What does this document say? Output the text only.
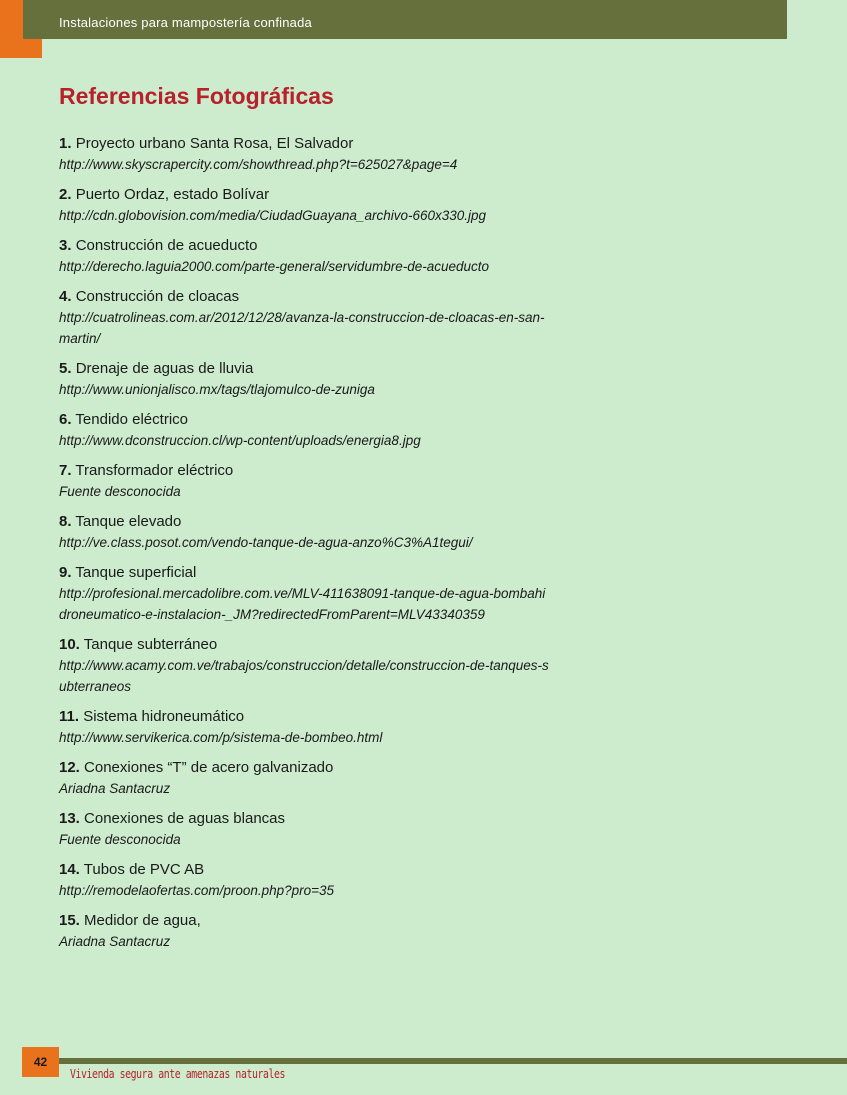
Instalaciones para mampostería confinada
Referencias Fotográficas
1. Proyecto urbano Santa Rosa, El Salvador
http://www.skyscrapercity.com/showthread.php?t=625027&page=4
2. Puerto Ordaz, estado Bolívar
http://cdn.globovision.com/media/CiudadGuayana_archivo-660x330.jpg
3. Construcción de acueducto
http://derecho.laguia2000.com/parte-general/servidumbre-de-acueducto
4. Construcción de cloacas
http://cuatrolineas.com.ar/2012/12/28/avanza-la-construccion-de-cloacas-en-san-martin/
5. Drenaje de aguas de lluvia
http://www.unionjalisco.mx/tags/tlajomulco-de-zuniga
6. Tendido eléctrico
http://www.dconstruccion.cl/wp-content/uploads/energia8.jpg
7. Transformador eléctrico
Fuente desconocida
8. Tanque elevado
http://ve.class.posot.com/vendo-tanque-de-agua-anzo%C3%A1tegui/
9. Tanque superficial
http://profesional.mercadolibre.com.ve/MLV-411638091-tanque-de-agua-bombahidroneumatico-e-instalacion-_JM?redirectedFromParent=MLV43340359
10. Tanque subterráneo
http://www.acamy.com.ve/trabajos/construccion/detalle/construccion-de-tanques-subterraneos
11. Sistema hidroneumático
http://www.servikerica.com/p/sistema-de-bombeo.html
12. Conexiones “T” de acero galvanizado
Ariadna Santacruz
13. Conexiones de aguas blancas
Fuente desconocida
14. Tubos de PVC AB
http://remodelaofertas.com/proon.php?pro=35
15. Medidor de agua,
Ariadna Santacruz
42
Vivienda segura ante amenazas naturales
